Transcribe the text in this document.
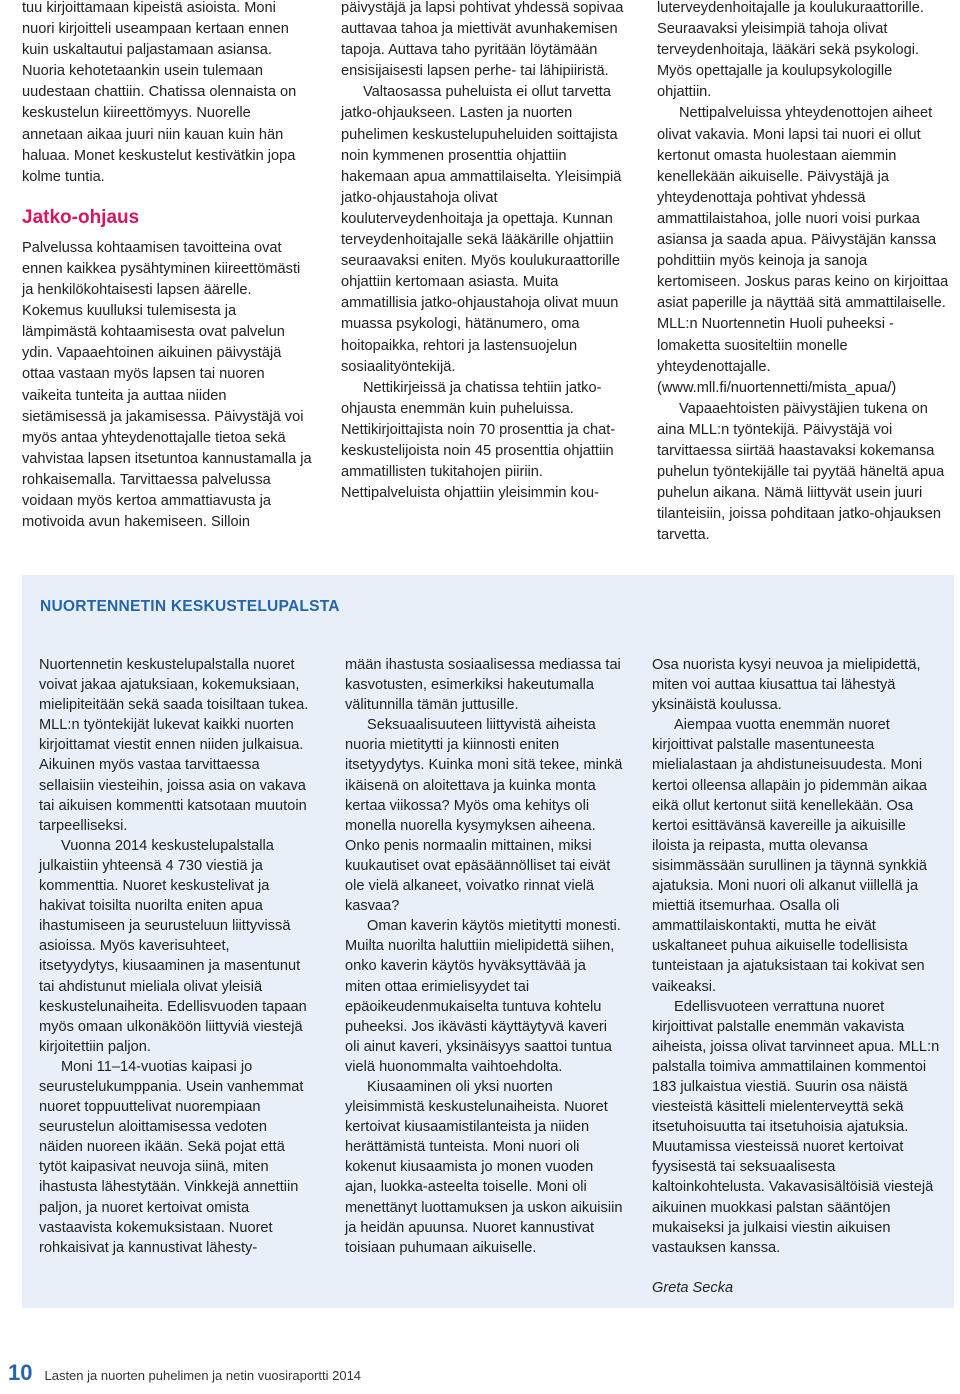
tuu kirjoittamaan kipeistä asioista. Moni nuori kirjoitteli useampaan kertaan ennen kuin uskaltautui paljastamaan asiansa. Nuoria kehotetaankin usein tulemaan uudestaan chattiin. Chatissa olennaista on keskustelun kiireettömyys. Nuorelle annetaan aikaa juuri niin kauan kuin hän haluaa. Monet keskustelut kestivätkin jopa kolme tuntia.

Jatko-ohjaus

Palvelussa kohtaamisen tavoitteina ovat ennen kaikkea pysähtyminen kiireettömästi ja henkilökohtaisesti lapsen äärelle. Kokemus kuulluksi tulemisesta ja lämpimästä kohtaamisesta ovat palvelun ydin. Vapaaehtoinen aikuinen päivystäjä ottaa vastaan myös lapsen tai nuoren vaikeita tunteita ja auttaa niiden sietämisessä ja jakamisessa. Päivystäjä voi myös antaa yhteydenottajalle tietoa sekä vahvistaa lapsen itsetuntoa kannustamalla ja rohkaisemalla. Tarvittaessa palvelussa voidaan myös kertoa ammattiavusta ja motivoida avun hakemiseen. Silloin

päivystäjä ja lapsi pohtivat yhdessä sopivaa auttavaa tahoa ja miettivät avunhakemisen tapoja. Auttava taho pyritään löytämään ensisijaisesti lapsen perhe- tai lähipiiristä.

Valtaosassa puheluista ei ollut tarvetta jatko-ohjaukseen. Lasten ja nuorten puhelimen keskustelupuheluiden soittajista noin kymmenen prosenttia ohjattiin hakemaan apua ammattilaiselta. Yleisimpiä jatko-ohjaustahoja olivat kouluterveydenhoitaja ja opettaja. Kunnan terveydenhoitajalle sekä lääkärille ohjattiin seuraavaksi eniten. Myös koulukuraattorille ohjattiin kertomaan asiasta. Muita ammatillisia jatko-ohjaustahoja olivat muun muassa psykologi, hätänumero, oma hoitopaikka, rehtori ja lastensuojelun sosiaalityöntekijä.

Nettikirjeissä ja chatissa tehtiin jatko-ohjausta enemmän kuin puheluissa. Nettikirjoittajista noin 70 prosenttia ja chat-keskustelijoista noin 45 prosenttia ohjattiin ammatillisten tukitahojen piiriin. Nettipalveluista ohjattiin yleisimmin kou-

luterveydenhoitajalle ja koulukuraattorille. Seuraavaksi yleisimpiä tahoja olivat terveydenhoitaja, lääkäri sekä psykologi. Myös opettajalle ja koulupsykologille ohjattiin.

Nettipalveluissa yhteydenottojen aiheet olivat vakavia. Moni lapsi tai nuori ei ollut kertonut omasta huolestaan aiemmin kenellekään aikuiselle. Päivystäjä ja yhteydenottaja pohtivat yhdessä ammattilaistahoa, jolle nuori voisi purkaa asiansa ja saada apua. Päivystäjän kanssa pohdittiin myös keinoja ja sanoja kertomiseen. Joskus paras keino on kirjoittaa asiat paperille ja näyttää sitä ammattilaiselle. MLL:n Nuortennetin Huoli puheeksi -lomaketta suositeltiin monelle yhteydenottajalle. (www.mll.fi/nuortennetti/mista_apua/)

Vapaaehtoisten päivystäjien tukena on aina MLL:n työntekijä. Päivystäjä voi tarvittaessa siirtää haastavaksi kokemansa puhelun työntekijälle tai pyytää häneltä apua puhelun aikana. Nämä liittyvät usein juuri tilanteisiin, joissa pohditaan jatko-ohjauksen tarvetta.

NUORTENNETIN KESKUSTELUPALSTA

Nuortennetin keskustelupalstalla nuoret voivat jakaa ajatuksiaan, kokemuksiaan, mielipiteitään sekä saada toisiltaan tukea. MLL:n työntekijät lukevat kaikki nuorten kirjoittamat viestit ennen niiden julkaisua. Aikuinen myös vastaa tarvittaessa sellaisiin viesteihin, joissa asia on vakava tai aikuisen kommentti katsotaan muutoin tarpeelliseksi.

Vuonna 2014 keskustelupalstalla julkaistiin yhteensä 4 730 viestiä ja kommenttia. Nuoret keskustelivat ja hakivat toisilta nuorilta eniten apua ihastumiseen ja seurusteluun liittyvissä asioissa. Myös kaverisuhteet, itsetyydytys, kiusaaminen ja masentunut tai ahdistunut mieliala olivat yleisiä keskustelunaiheita. Edellisvuoden tapaan myös omaan ulkonäköön liittyviä viestejä kirjoitettiin paljon.

Moni 11–14-vuotias kaipasi jo seurustelukumppania. Usein vanhemmat nuoret toppuuttelivat nuorempiaan seurustelun aloittamisessa vedoten näiden nuoreen ikään. Sekä pojat että tytöt kaipasivat neuvoja siinä, miten ihastusta lähestytään. Vinkkejä annettiin paljon, ja nuoret kertoivat omista vastaavista kokemuksistaan. Nuoret rohkaisivat ja kannustivat lähesty-

mään ihastusta sosiaalisessa mediassa tai kasvotusten, esimerkiksi hakeutumalla välitunnilla tämän juttusille.

Seksuaalisuuteen liittyvistä aiheista nuoria mietitytti ja kiinnosti eniten itsetyydytys. Kuinka moni sitä tekee, minkä ikäisenä on aloitettava ja kuinka monta kertaa viikossa? Myös oma kehitys oli monella nuorella kysymyksen aiheena. Onko penis normaalin mittainen, miksi kuukautiset ovat epäsäännölliset tai eivät ole vielä alkaneet, voivatko rinnat vielä kasvaa?

Oman kaverin käytös mietitytti monesti. Muilta nuorilta haluttiin mielipidettä siihen, onko kaverin käytös hyväksyttävää ja miten ottaa erimielisyydet tai epäoikeudenmukaiselta tuntuva kohtelu puheeksi. Jos ikävästi käyttäytyvä kaveri oli ainut kaveri, yksinäisyys saattoi tuntua vielä huonommalta vaihtoehdolta.

Kiusaaminen oli yksi nuorten yleisimmistä keskustelunaiheista. Nuoret kertoivat kiusaamistilanteista ja niiden herättämistä tunteista. Moni nuori oli kokenut kiusaamista jo monen vuoden ajan, luokka-asteelta toiselle. Moni oli menettänyt luottamuksen ja uskon aikuisiin ja heidän apuunsa. Nuoret kannustivat toisiaan puhumaan aikuiselle.

Osa nuorista kysyi neuvoa ja mielipidettä, miten voi auttaa kiusattua tai lähestyä yksinäistä koulussa.

Aiempaa vuotta enemmän nuoret kirjoittivat palstalle masentuneesta mielialastaan ja ahdistuneisuudesta. Moni kertoi olleensa allapäin jo pidemmän aikaa eikä ollut kertonut siitä kenellekään. Osa kertoi esittävänsä kavereille ja aikuisille iloista ja reipasta, mutta olevansa sisimmässään surullinen ja täynnä synkkiä ajatuksia. Moni nuori oli alkanut viillellä ja miettiä itsemurhaa. Osalla oli ammattilaiskontakti, mutta he eivät uskaltaneet puhua aikuiselle todellisista tunteistaan ja ajatuksistaan tai kokivat sen vaikeaksi.

Edellisvuoteen verrattuna nuoret kirjoittivat palstalle enemmän vakavista aiheista, joissa olivat tarvinneet apua. MLL:n palstalla toimiva ammattilainen kommentoi 183 julkaistua viestiä. Suurin osa näistä viesteistä käsitteli mielenterveyttä sekä itsetuhoisuutta tai itsetuhoisia ajatuksia. Muutamissa viesteissä nuoret kertoivat fyysisestä tai seksuaalisesta kaltoinkohtelusta. Vakavasisältöisiä viestejä aikuinen muokkasi palstan sääntöjen mukaiseksi ja julkaisi viestin aikuisen vastauksen kanssa.

Greta Secka

10 Lasten ja nuorten puhelimen ja netin vuosiraportti 2014
